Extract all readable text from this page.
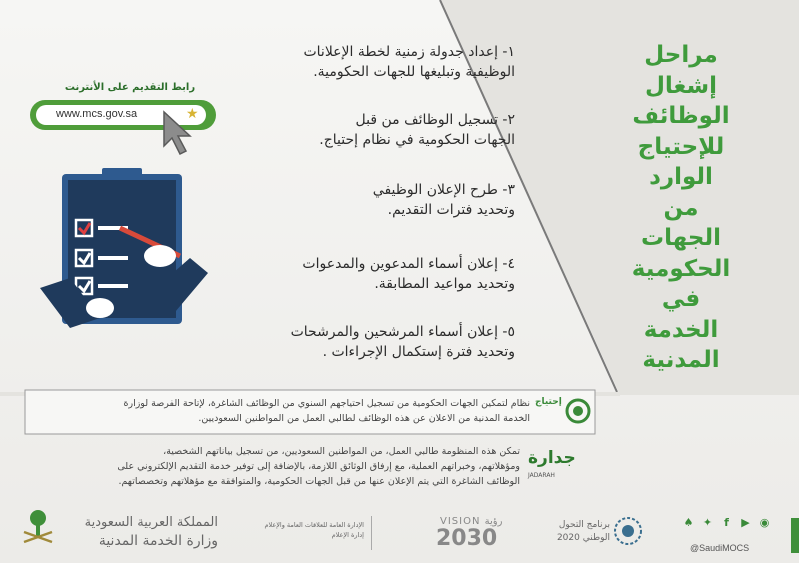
مراحل
إشغال
الوظائف
للإحتياج
الوارد
من
الجهات
الحكومية
في
الخدمة
المدنية
١- إعداد جدولة زمنية لخطة الإعلانات
الوظيفية وتبليغها للجهات الحكومية.
٢- تسجيل الوظائف من قبل
الجهات الحكومية في نظام إحتياج.
٣- طرح الإعلان الوظيفي
وتحديد فترات التقديم.
٤- إعلان أسماء المدعوين والمدعوات
وتحديد مواعيد المطابقة.
٥- إعلان أسماء المرشحين والمرشحات
وتحديد فترة إستكمال الإجراءات .
رابط التقديم على الأنترنت
www.mcs.gov.sa	★
نظام لتمكين الجهات الحكومية من تسجيل احتياجهم السنوي من الوظائف الشاغرة، لإتاحة الفرصة لوزارة
الخدمة المدنية من الاعلان عن هذه الوظائف لطالبي العمل من المواطنين السعوديين.
إحتياج
تمكن هذه المنظومة طالبي العمل، من المواطنين السعوديين، من تسجيل بياناتهم الشخصية،
ومؤهلاتهم، وخبراتهم العملية، مع إرفاق الوثائق اللازمة، بالإضافة إلى توفير خدمة التقديم الإلكتروني على
الوظائف الشاغرة التي يتم الإعلان عنها من قبل الجهات الحكومية، والمتوافقة مع مؤهلاتهم وتخصصاتهم.
جدارة
JADARAH
المملكة العربية السعودية
وزارة الخدمة المدنية
الإدارة العامة للعلاقات العامة والإعلام
إدارة الإعلام
VISION رؤية
2030
برنامج التحول
الوطني 2020
♠ ✦	f	▶ ◉
@SaudiMOCS
